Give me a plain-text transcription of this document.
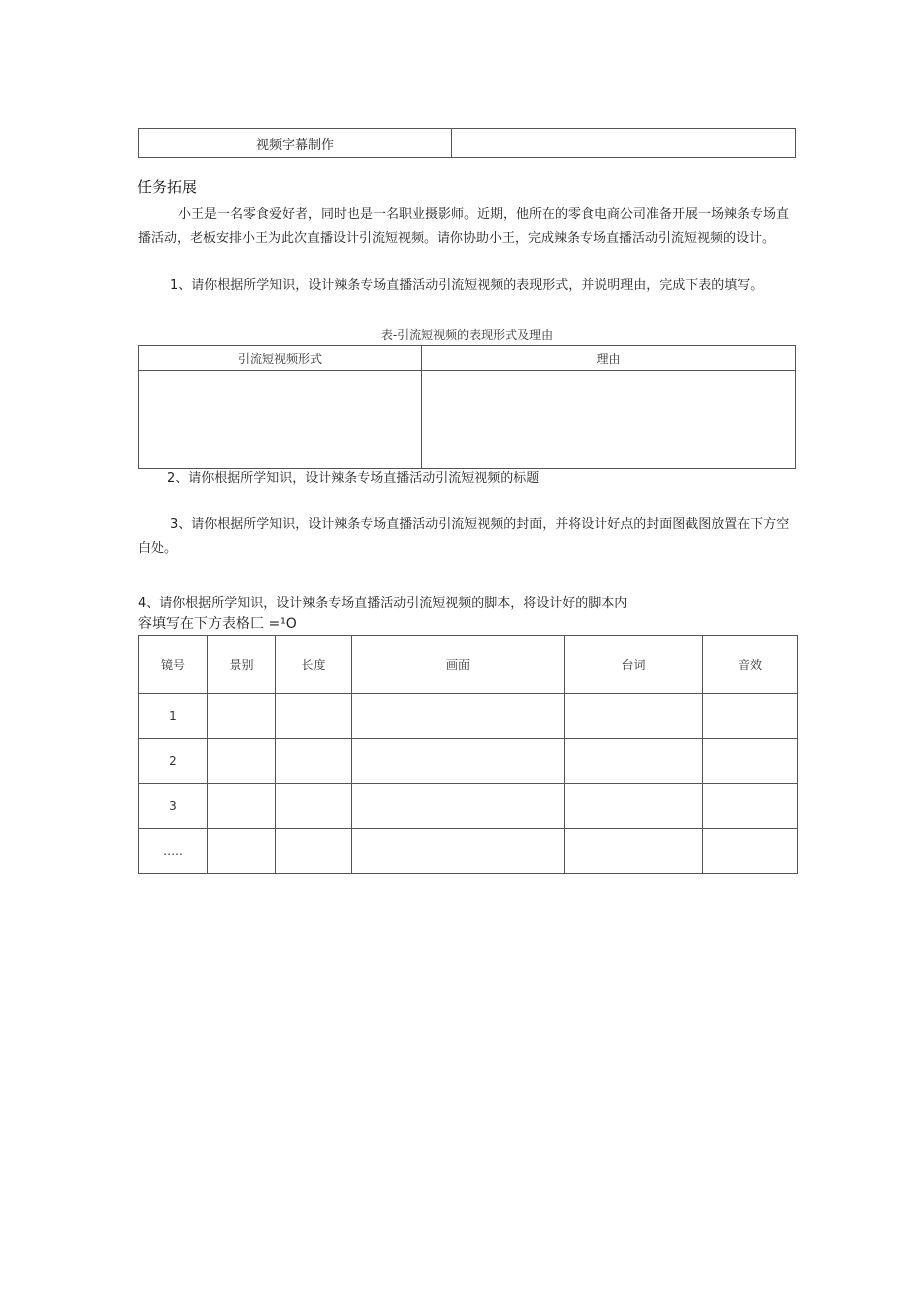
视频字幕制作	
任务拓展
小王是一名零食爱好者，同时也是一名职业摄影师。近期，他所在的零食电商公司准备开展一场辣条专场直播活动，老板安排小王为此次直播设计引流短视频。请你协助小王，完成辣条专场直播活动引流短视频的设计。
1、请你根据所学知识，设计辣条专场直播活动引流短视频的表现形式，并说明理由，完成下表的填写。
表-引流短视频的表现形式及理由
引流短视频形式	理由

2、请你根据所学知识，设计辣条专场直播活动引流短视频的标题
3、请你根据所学知识，设计辣条专场直播活动引流短视频的封面，并将设计好点的封面图截图放置在下方空白处。
4、请你根据所学知识，设计辣条专场直播活动引流短视频的脚本，将设计好的脚本内
容填写在下方表格匚 =¹O
镜号	景别	长度	画面	台词	音效
1					
2					
3					
…..					
